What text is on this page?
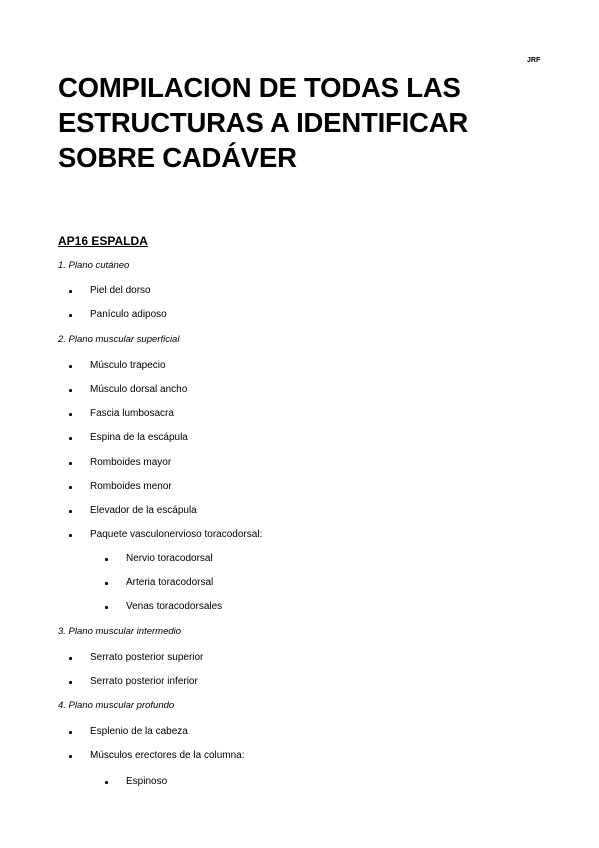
JRF
COMPILACION DE TODAS LAS
ESTRUCTURAS A IDENTIFICAR
SOBRE CADÁVER
AP16 ESPALDA
1. Plano cutáneo
Piel del dorso
Panículo adiposo
2. Plano muscular superficial
Músculo trapecio
Músculo dorsal ancho
Fascia lumbosacra
Espina de la escápula
Romboides mayor
Romboides menor
Elevador de la escápula
Paquete vasculonervioso toracodorsal:
Nervio toracodorsal
Arteria toracodorsal
Venas toracodorsales
3. Plano muscular intermedio
Serrato posterior superior
Serrato posterior inferior
4. Plano muscular profundo
Esplenio de la cabeza
Músculos erectores de la columna:
Espinoso
